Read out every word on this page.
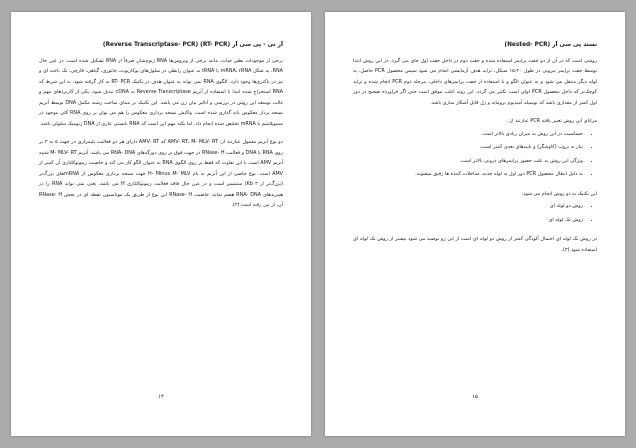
آر تی - پی سی آر (RT- PCR) (Reverse Transcriptase- PCR)

برخی از موجودات نظیر حیات، مانند برخی از ویروس‌ها RNA ژنوم‌شان صرفاً از RNA تشکیل شده است. در عین حال RNA، به شکل mRNA، rRNA یا tRNA به عنوان رابطی در سلول‌های یوکاریوت، جانوری، گیاهی، قارچی، تک یاخته ای و نیز در باکتری‌ها وجود دارد. الگوی RNA نمی تواند به عنوان هدف در تکنیک RT- PCR به کار گرفته شود. به این شرط که RNA استخراج شده ابتدا با استفاده از آنزیم Reverse Transcriptase به cDNA تبدیل شود. یکی از کاربردهای مهم و غالب توسعه این روش در بررسی و آنالیز بیان ژن می باشد. این تکنیک بر مبنای ساخت رشته مکمل DNA توسط آنزیم نسخه بردار معکوس پایه گذاری شده است. واکنش نسخه برداری معکوس را هم می توان بر روی RNA کلی موجود در سیتوپلاسم یا mRNA تخلیص شده انجام داد. اما نکته مهم این است که RNA بایستی عاری از DNA ژنومیک سلولی باشد.

دو نوع آنزیم معمول عبارتند از: AMV- RT، M- MLV- RT که AMV- RT دارای هر دو فعالیت پلیمرازی در جهت ۵ به ۳ بر روی RNA یا DNA و فعالیت RNase- H در جهت فوق بر روی دورگه‌های RNA- DNA می باشد. آنزیم M- MLV- RT شبیه آنزیم AMV است با این تفاوت که فقط بر روی الگوی RNA به عنوان الگو کار می کند و خاصیت ریبونوکلئازی آن کمتر از AMV است. نوع خاصی از این آنزیم به نام H- Minus M- MLV جهت نسخه برداری معکوس از mRNAهای بزرگ‌تر (بزرگ‌تر از ۳ Kb) سنتسیز است و در عین حال فاقد فعالیت ریبونوکلئازی H می باشد. یعنی نمی تواند RNA را در هیبریدهای RNA- DNA هضم نماید. خاصیت RNase- H این نوع از طریق یک موتاسیون نقطه ای در بخش RNase- H آن، از بین رفته است (۳).

۱۴

نستد پی سی آر (Nested- PCR)

روشی است که در آن از دو جفت پرایمر استفاده شده و جفت دوم در داخل جفت اول جای می گیرد. در این روش ابتدا توسط جفت پرایمر بیرونی در طول ۲۰-۱۵ سیکل، تزاید هدف آزمایشی انجام می شود سپس محصول PCR حاصل، به لوله دیگر منتقل می شود و به عنوان الگو و با استفاده از جفت پرایمرهای داخلی، مرحله دوم PCR انجام شده و تزاید کوچک‌تر که داخل محصول PCR اولی است تکثیر می گردد. این روند اغلب موفق است حتی اگر فراورده صحیح در دور اول کمتر از مقداری باشد که بوسیله آمیدیوم بروماید و ژل قابل آشکار سازی باشد.

مزایای این روش تغییر یافته PCR عبارتند از:

• حساسیت در این روش به میزان زیادی بالاتر است.
• نیاز به بروب (کاوشگر) و تاییدهای بعدی کمتر است.
• ویژگی این روش به علت حضور پرایمرهای درونی بالاتر است.
• به دلیل انتقال محصول PCR دور اول به لوله جدید، مداخلات کننده ها رقیق میشوند.

این تکنیک به دو روش انجام می شود:

• روش دو لوله ای
• روش تک لوله ای

در روش تک لوله ای احتمال آلودگی کمتر از روش دو لوله ای است از این رو توصیه می شود بیشتر از روش تک لوله ای استفاده شود (۳).

۱۵
